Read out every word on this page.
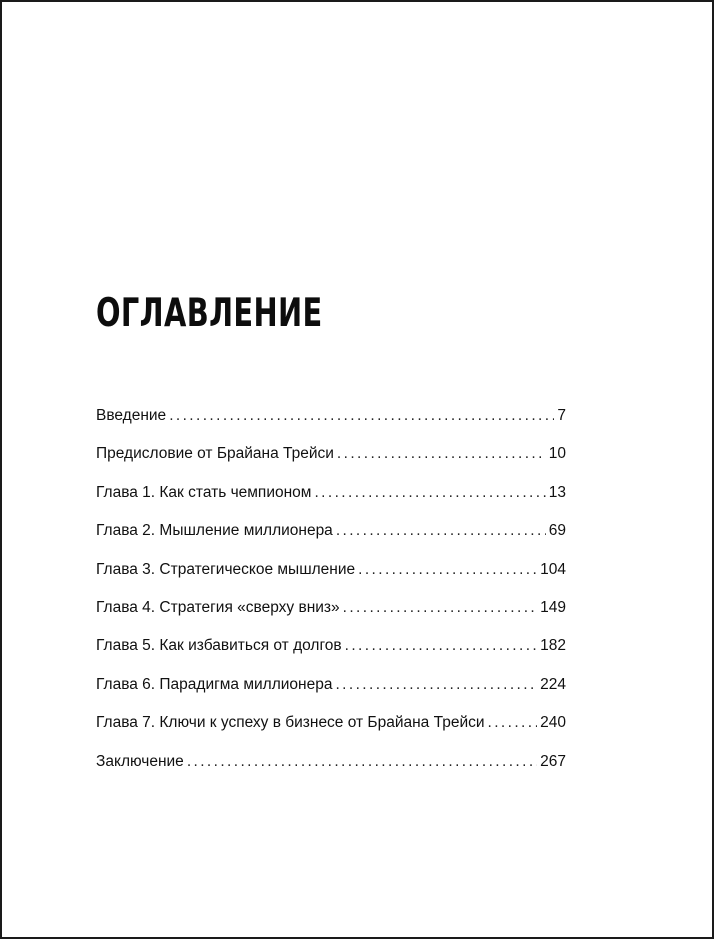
ОГЛАВЛЕНИЕ
Введение .....	7
Предисловие от Брайана Трейси .....	10
Глава 1. Как стать чемпионом .....	13
Глава 2. Мышление миллионера .....	69
Глава 3. Стратегическое мышление .....	104
Глава 4. Стратегия «сверху вниз» .....	149
Глава 5. Как избавиться от долгов .....	182
Глава 6. Парадигма миллионера .....	224
Глава 7. Ключи к успеху в бизнесе от Брайана Трейси .....	240
Заключение .....	267
